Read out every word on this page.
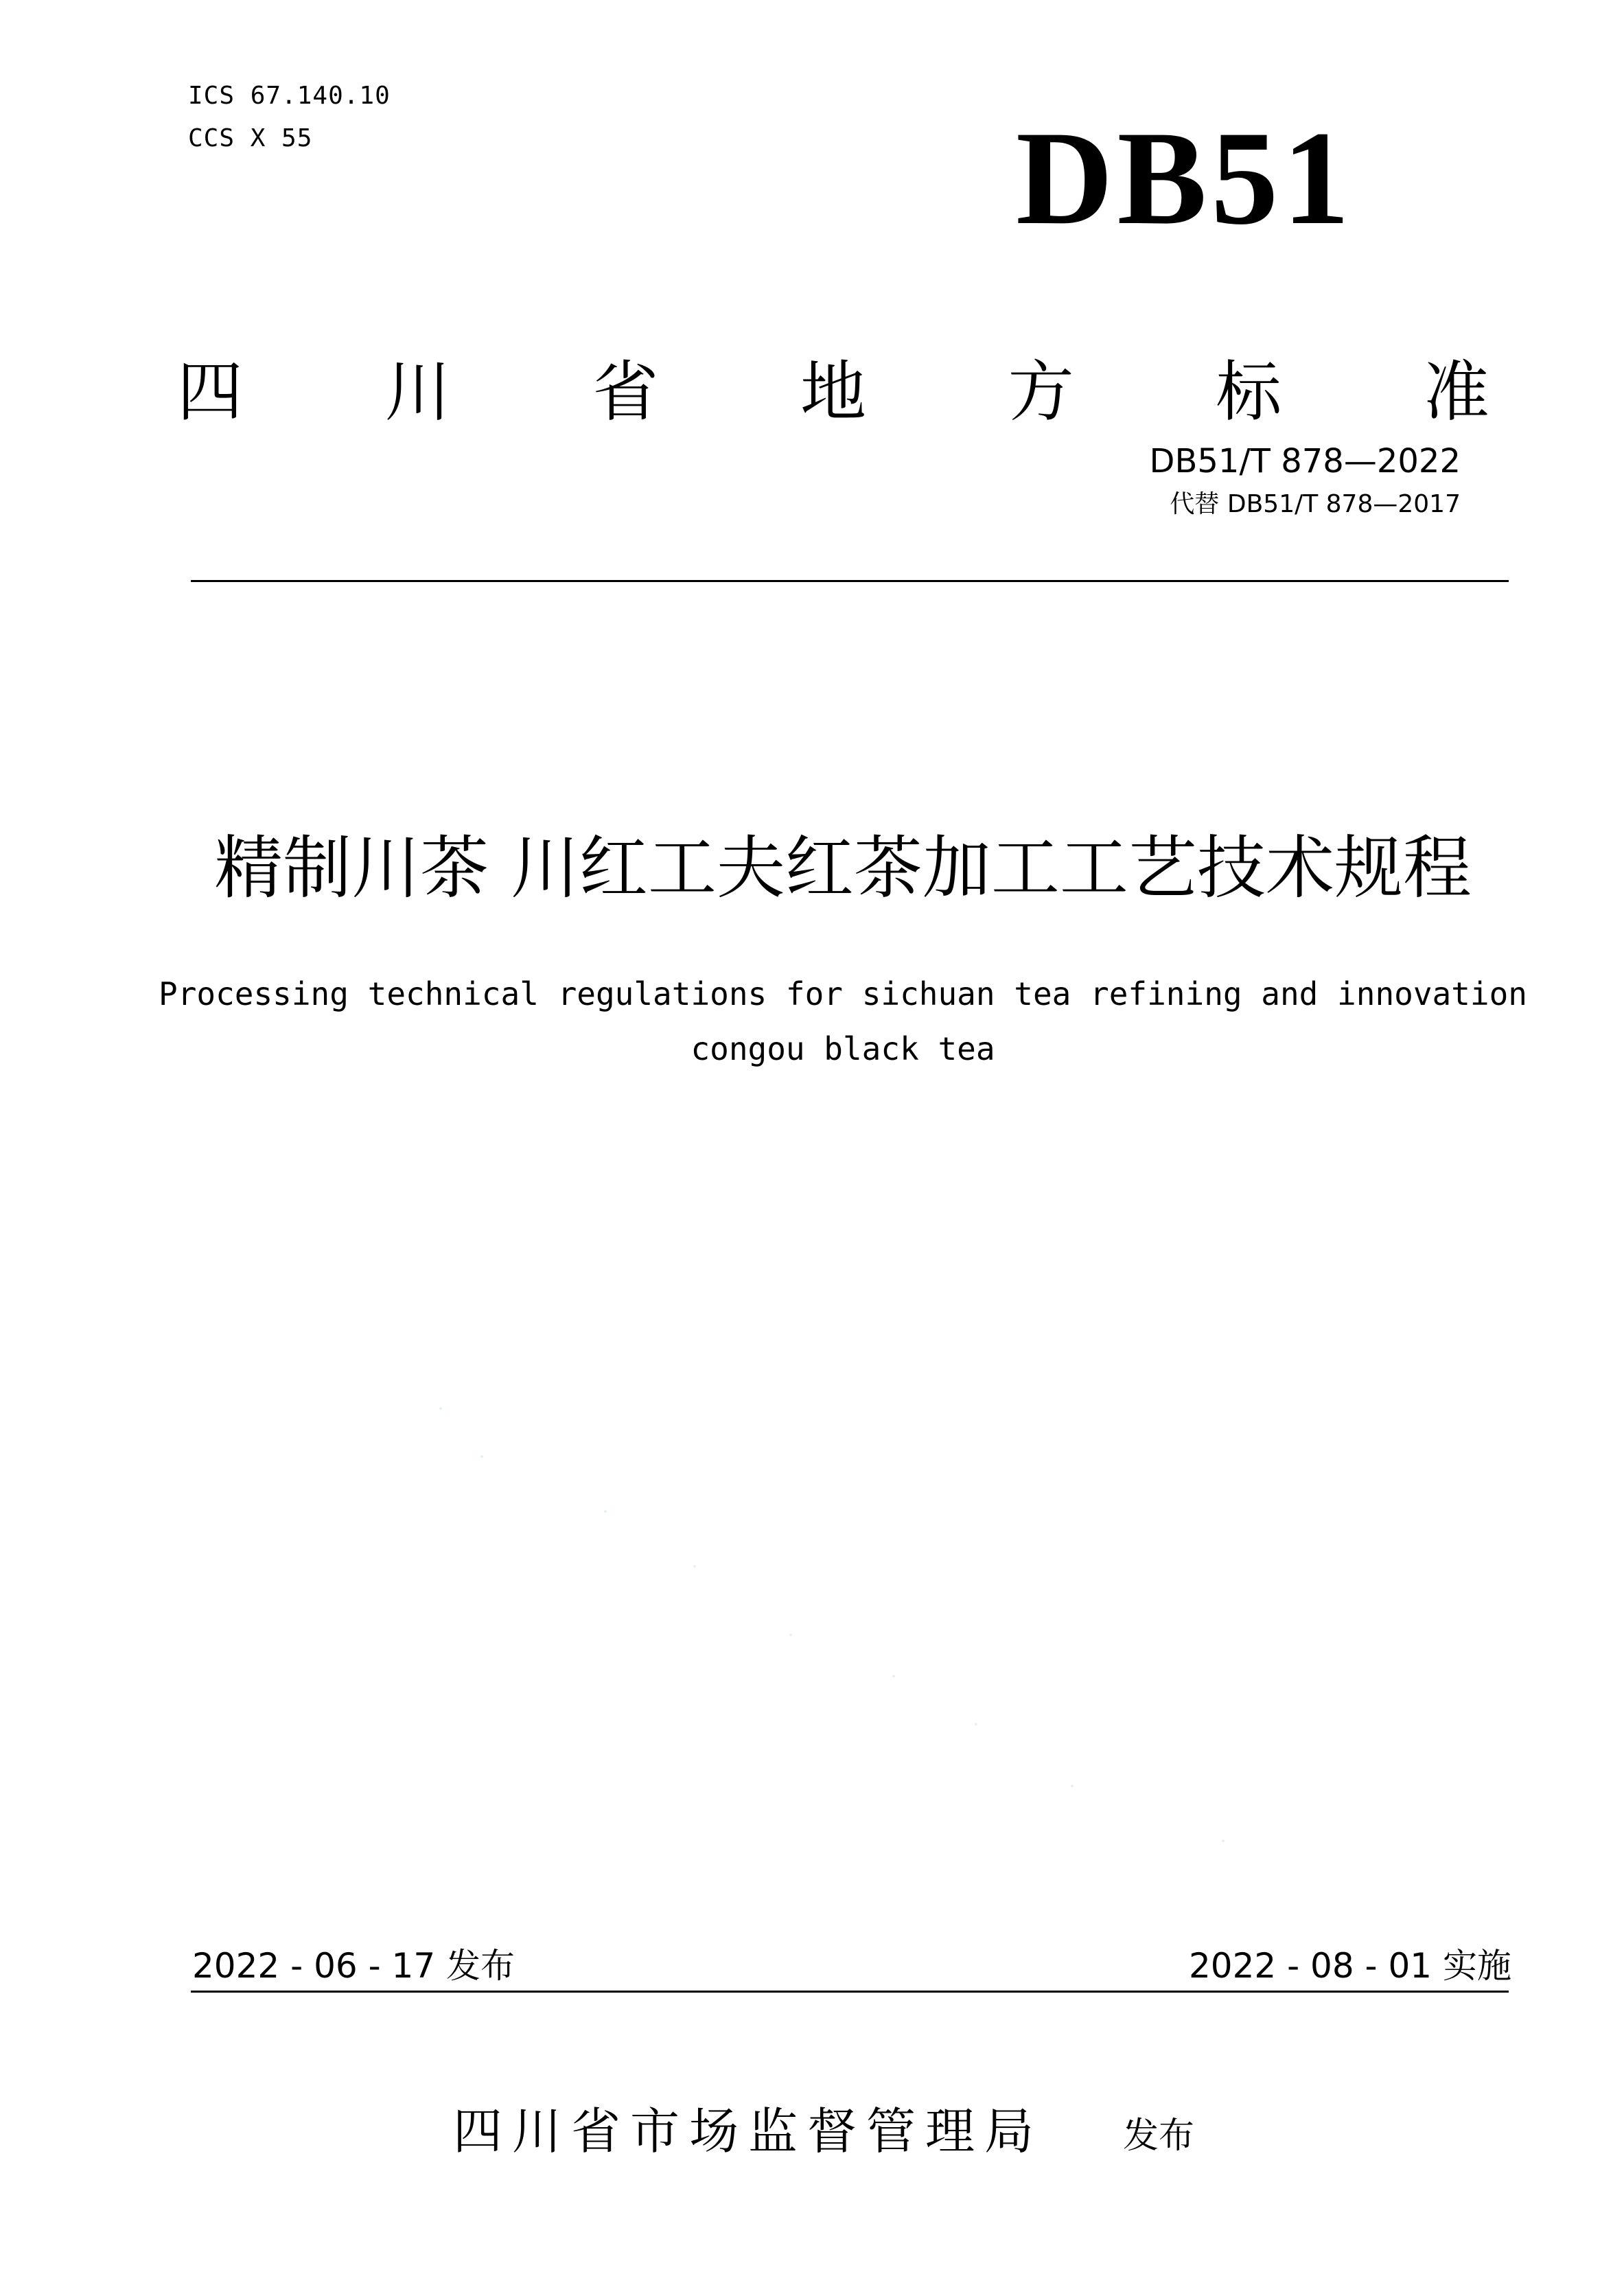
ICS 67.140.10
CCS X 55	DB51
四 川 省 地 方 标 准
DB51/T 878—2022
代替 DB51/T 878—2017
精制川茶 川红工夫红茶加工工艺技术规程
Processing technical regulations for sichuan tea refining and innovation
congou black tea
2022 - 06 - 17 发布	2022 - 08 - 01 实施
四川省市场监督管理局 发布
